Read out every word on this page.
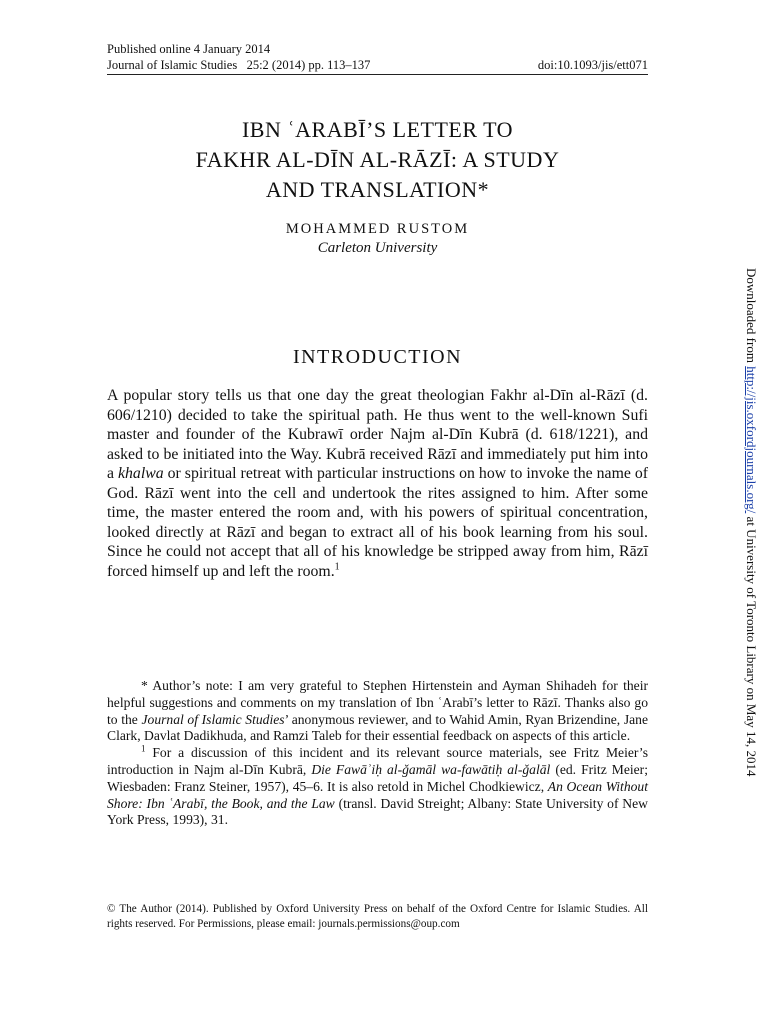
Published online 4 January 2014
Journal of Islamic Studies   25:2 (2014) pp. 113–137	doi:10.1093/jis/ett071
IBN ʿARABĪ’S LETTER TO
FAKHR AL-DĪN AL-RĀZĪ: A STUDY
AND TRANSLATION*
MOHAMMED RUSTOM
Carleton University
INTRODUCTION
A popular story tells us that one day the great theologian Fakhr al-Dīn al-Rāzī (d. 606/1210) decided to take the spiritual path. He thus went to the well-known Sufi master and founder of the Kubrawī order Najm al-Dīn Kubrā (d. 618/1221), and asked to be initiated into the Way. Kubrā received Rāzī and immediately put him into a khalwa or spiritual retreat with particular instructions on how to invoke the name of God. Rāzī went into the cell and undertook the rites assigned to him. After some time, the master entered the room and, with his powers of spiritual concentration, looked directly at Rāzī and began to extract all of his book learning from his soul. Since he could not accept that all of his knowledge be stripped away from him, Rāzī forced himself up and left the room.$^1$

* Author’s note: I am very grateful to Stephen Hirtenstein and Ayman Shihadeh for their helpful suggestions and comments on my translation of Ibn ʿArabī’s letter to Rāzī. Thanks also go to the Journal of Islamic Studies’ anonymous reviewer, and to Wahid Amin, Ryan Brizendine, Jane Clark, Davlat Dadikhuda, and Ramzi Taleb for their essential feedback on aspects of this article.

$^1$ For a discussion of this incident and its relevant source materials, see Fritz Meier’s introduction in Najm al-Dīn Kubrā, Die Fawāʾiḥ al-ǧamāl wa-fawātiḥ al-ǧalāl (ed. Fritz Meier; Wiesbaden: Franz Steiner, 1957), 45–6. It is also retold in Michel Chodkiewicz, An Ocean Without Shore: Ibn ʿArabī, the Book, and the Law (transl. David Streight; Albany: State University of New York Press, 1993), 31.

© The Author (2014). Published by Oxford University Press on behalf of the Oxford Centre for Islamic Studies. All rights reserved. For Permissions, please email: journals.permissions@oup.com
Downloaded from http://jis.oxfordjournals.org/ at University of Toronto Library on May 14, 2014
